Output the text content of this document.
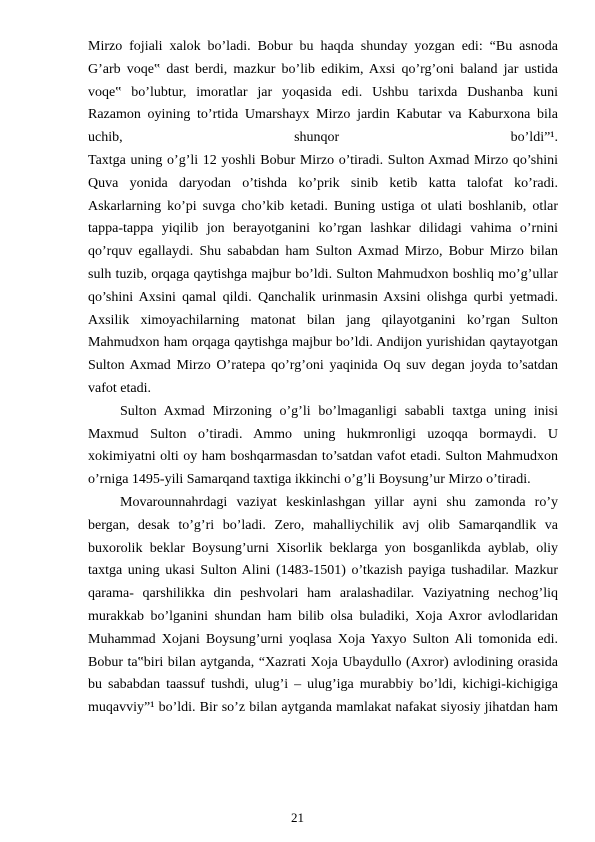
Mirzo fojiali xalok bo’ladi. Bobur bu haqda shunday yozgan edi: “Bu asnoda
G’arb voqe‟ dast berdi, mazkur bo’lib edikim, Axsi qo’rg’oni baland jar ustida
voqe‟ bo’lubtur, imoratlar jar yoqasida edi. Ushbu tarixda Dushanba kuni
Razamon oyining to’rtida Umarshayx Mirzo jardin Kabutar va Kaburxona bila
uchib, shunqor bo’ldi”¹.
Taxtga uning o’g’li 12 yoshli Bobur Mirzo o’tiradi. Sulton Axmad Mirzo qo’shini
Quva yonida daryodan o’tishda ko’prik sinib ketib katta talofat ko’radi.
Askarlarning ko’pi suvga cho’kib ketadi. Buning ustiga ot ulati boshlanib, otlar
tappa-tappa yiqilib jon berayotganini ko’rgan lashkar dilidagi vahima o’rnini
qo’rquv egallaydi. Shu sababdan ham Sulton Axmad Mirzo, Bobur Mirzo bilan
sulh tuzib, orqaga qaytishga majbur bo’ldi. Sulton Mahmudxon boshliq mo’g’ullar
qo’shini Axsini qamal qildi. Qanchalik urinmasin Axsini olishga qurbi yetmadi.
Axsilik ximoyachilarning matonat bilan jang qilayotganini ko’rgan Sulton
Mahmudxon ham orqaga qaytishga majbur bo’ldi. Andijon yurishidan qaytayotgan
Sulton Axmad Mirzo O’ratepa qo’rg’oni yaqinida Oq suv degan joyda to’satdan
vafot etadi.
Sulton Axmad Mirzoning o’g’li bo’lmaganligi sababli taxtga uning inisi
Maxmud Sulton o’tiradi. Ammo uning hukmronligi uzoqqa bormaydi. U
xokimiyatni olti oy ham boshqarmasdan to’satdan vafot etadi. Sulton Mahmudxon
o’rniga 1495-yili Samarqand taxtiga ikkinchi o’g’li Boysung’ur Mirzo o’tiradi.
Movarounnahrdagi vaziyat keskinlashgan yillar ayni shu zamonda ro’y
bergan, desak to’g’ri bo’ladi. Zero, mahalliychilik avj olib Samarqandlik va
buxorolik beklar Boysung’urni Xisorlik beklarga yon bosganlikda ayblab, oliy
taxtga uning ukasi Sulton Alini (1483-1501) o’tkazish payiga tushadilar. Mazkur
qarama- qarshilikka din peshvolari ham aralashadilar. Vaziyatning nechog’liq
murakkab bo’lganini shundan ham bilib olsa buladiki, Xoja Axror avlodlaridan
Muhammad Xojani Boysung’urni yoqlasa Xoja Yaxyo Sulton Ali tomonida edi.
Bobur ta‟biri bilan aytganda, “Xazrati Xoja Ubaydullo (Axror) avlodining orasida
bu sababdan taassuf tushdi, ulug’i – ulug’iga murabbiy bo’ldi, kichigi-kichigiga
muqavviy”¹ bo’ldi. Bir so’z bilan aytganda mamlakat nafakat siyosiy jihatdan ham
21
